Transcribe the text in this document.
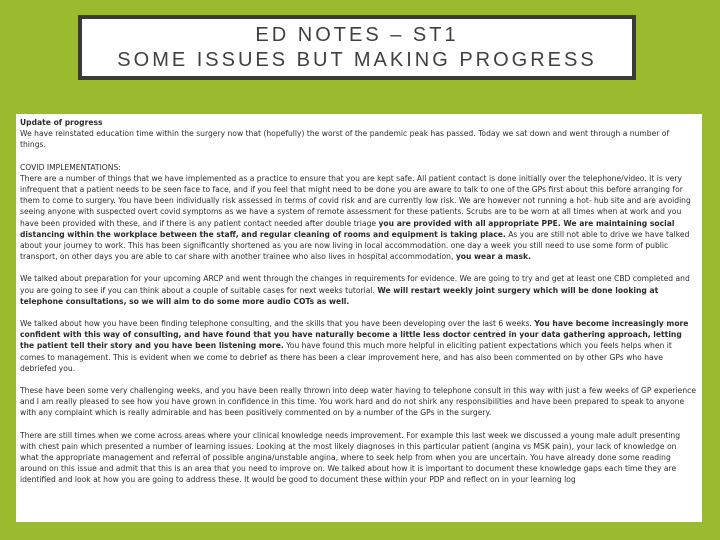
ED NOTES – ST1
SOME ISSUES BUT MAKING PROGRESS
Update of progress

We have reinstated education time within the surgery now that (hopefully) the worst of the pandemic peak has passed. Today we sat down and went through a number of things.

COVID IMPLEMENTATIONS:

There are a number of things that we have implemented as a practice to ensure that you are kept safe. All patient contact is done initially over the telephone/video. It is very infrequent that a patient needs to be seen face to face, and if you feel that might need to be done you are aware to talk to one of the GPs first about this before arranging for them to come to surgery. You have been individually risk assessed in terms of covid risk and are currently low risk. We are however not running a hot- hub site and are avoiding seeing anyone with suspected overt covid symptoms as we have a system of remote assessment for these patients. Scrubs are to be worn at all times when at work and you have been provided with these, and if there is any patient contact needed after double triage you are provided with all appropriate PPE. We are maintaining social distancing within the workplace between the staff, and regular cleaning of rooms and equipment is taking place. As you are still not able to drive we have talked about your journey to work. This has been significantly shortened as you are now living in local accommodation. one day a week you still need to use some form of public transport, on other days you are able to car share with another trainee who also lives in hospital accommodation, you wear a mask.

We talked about preparation for your upcoming ARCP and went through the changes in requirements for evidence. We are going to try and get at least one CBD completed and you are going to see if you can think about a couple of suitable cases for next weeks tutorial. We will restart weekly joint surgery which will be done looking at telephone consultations, so we will aim to do some more audio COTs as well.

We talked about how you have been finding telephone consulting, and the skills that you have been developing over the last 6 weeks. You have become increasingly more confident with this way of consulting, and have found that you have naturally become a little less doctor centred in your data gathering approach, letting the patient tell their story and you have been listening more. You have found this much more helpful in eliciting patient expectations which you feels helps when it comes to management. This is evident when we come to debrief as there has been a clear improvement here, and has also been commented on by other GPs who have debriefed you.

These have been some very challenging weeks, and you have been really thrown into deep water having to telephone consult in this way with just a few weeks of GP experience and I am really pleased to see how you have grown in confidence in this time. You work hard and do not shirk any responsibilities and have been prepared to speak to anyone with any complaint which is really admirable and has been positively commented on by a number of the GPs in the surgery.

There are still times when we come across areas where your clinical knowledge needs improvement. For example this last week we discussed a young male adult presenting with chest pain which presented a number of learning issues. Looking at the most likely diagnoses in this particular patient (angina vs MSK pain), your lack of knowledge on what the appropriate management and referral of possible angina/unstable angina, where to seek help from when you are uncertain. You have already done some reading around on this issue and admit that this is an area that you need to improve on. We talked about how it is important to document these knowledge gaps each time they are identified and look at how you are going to address these. It would be good to document these within your PDP and reflect on in your learning log
